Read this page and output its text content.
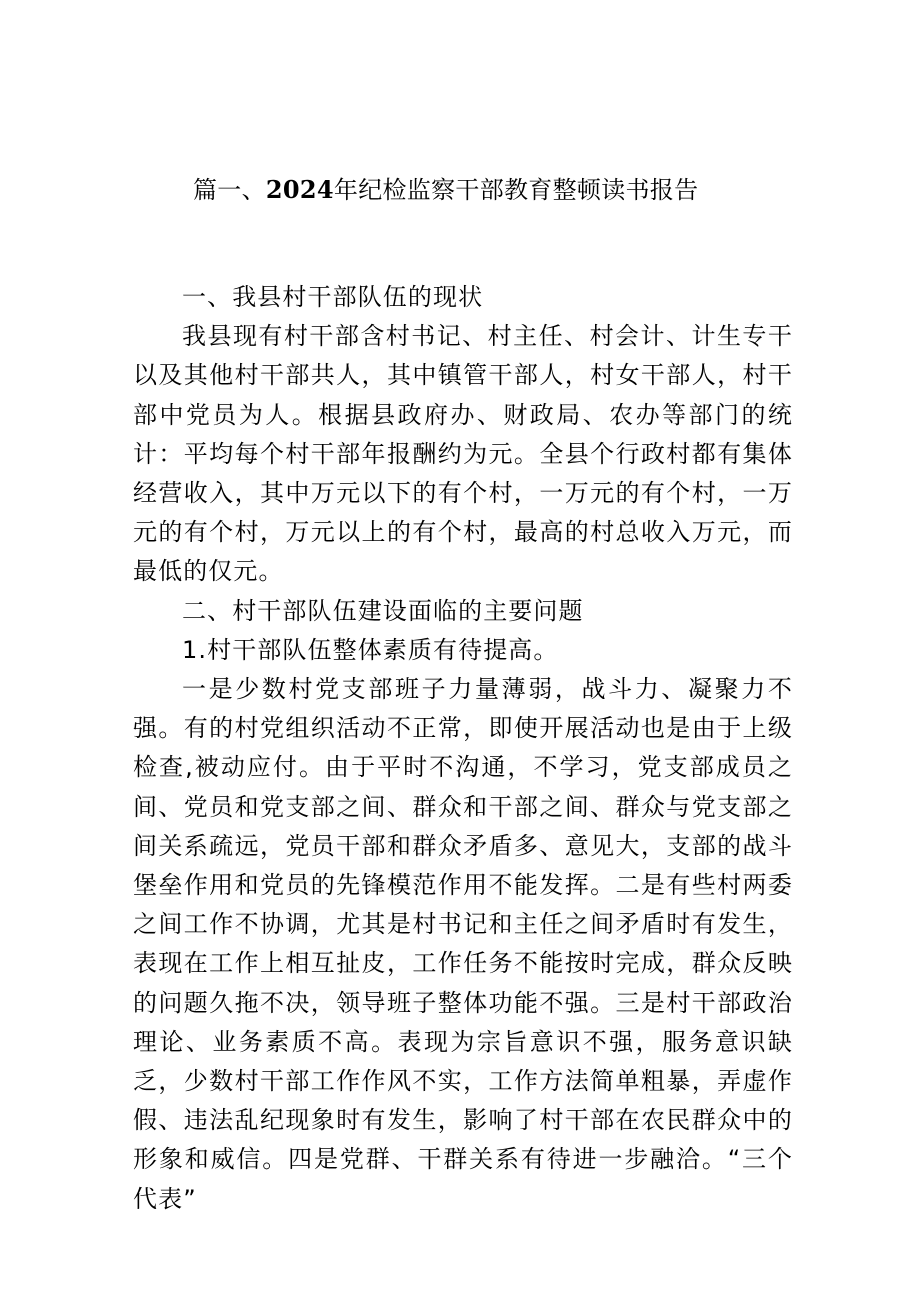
篇一、2024年纪检监察干部教育整顿读书报告

一、我县村干部队伍的现状

我县现有村干部含村书记、村主任、村会计、计生专干以及其他村干部共人，其中镇管干部人，村女干部人，村干部中党员为人。根据县政府办、财政局、农办等部门的统计：平均每个村干部年报酬约为元。全县个行政村都有集体经营收入，其中万元以下的有个村，一万元的有个村，一万元的有个村，万元以上的有个村，最高的村总收入万元，而最低的仅元。

二、村干部队伍建设面临的主要问题

1.村干部队伍整体素质有待提高。

一是少数村党支部班子力量薄弱，战斗力、凝聚力不强。有的村党组织活动不正常，即使开展活动也是由于上级检查,被动应付。由于平时不沟通，不学习，党支部成员之间、党员和党支部之间、群众和干部之间、群众与党支部之间关系疏远，党员干部和群众矛盾多、意见大，支部的战斗堡垒作用和党员的先锋模范作用不能发挥。二是有些村两委之间工作不协调，尤其是村书记和主任之间矛盾时有发生，表现在工作上相互扯皮，工作任务不能按时完成，群众反映的问题久拖不决，领导班子整体功能不强。三是村干部政治理论、业务素质不高。表现为宗旨意识不强，服务意识缺乏，少数村干部工作作风不实，工作方法简单粗暴，弄虚作假、违法乱纪现象时有发生，影响了村干部在农民群众中的形象和威信。四是党群、干群关系有待进一步融洽。“三个代表”
